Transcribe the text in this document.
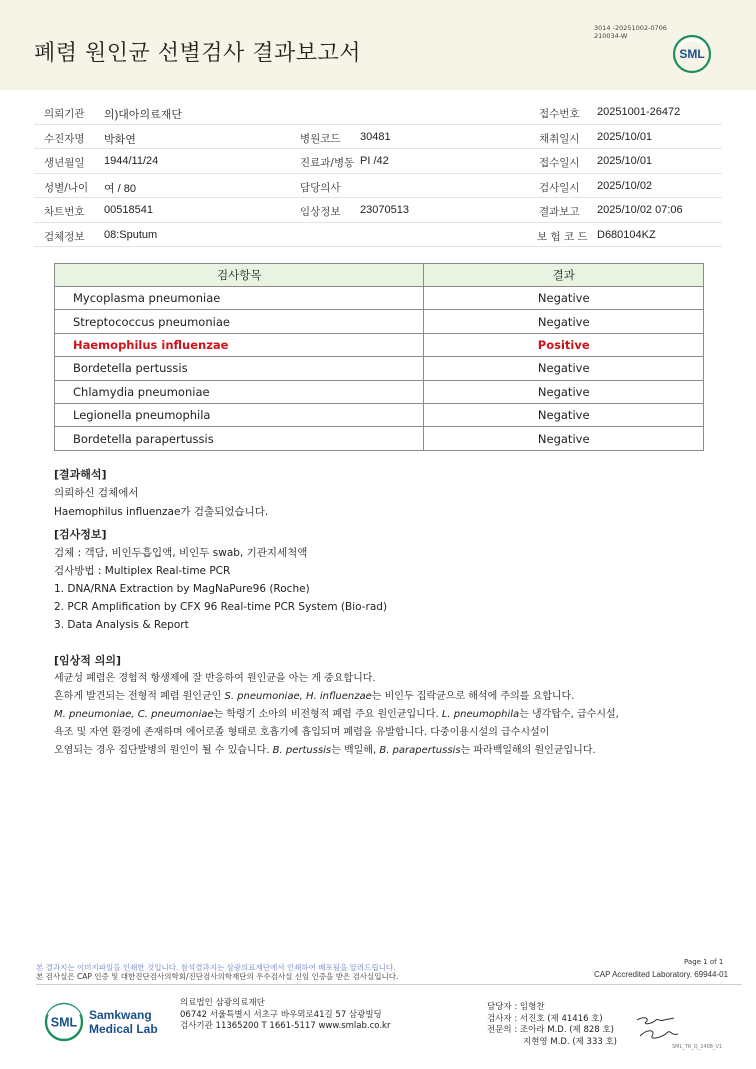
폐렴 원인균 선별검사 결과보고서
3014 -20251002-0706
210034-W
SML
의뢰기관 의)대아의료재단	접수번호 20251001-26472
수진자명 박화연	병원코드 30481	채취일시 2025/10/01
생년월일 1944/11/24	진료과/병동 PI /42	접수일시 2025/10/01
성별/나이 여 / 80	담당의사	검사일시 2025/10/02
차트번호 00518541	임상정보 23070513	결과보고 2025/10/02 07:06
검체정보 08:Sputum	보 험 코 드 D680104KZ
검사항목	결과
Mycoplasma pneumoniae	Negative
Streptococcus pneumoniae	Negative
Haemophilus influenzae	Positive
Bordetella pertussis	Negative
Chlamydia pneumoniae	Negative
Legionella pneumophila	Negative
Bordetella parapertussis	Negative
[결과해석]
의뢰하신 검체에서
Haemophilus influenzae가 검출되었습니다.
[검사정보]
검체 : 객담, 비인두흡입액, 비인두 swab, 기관지세척액
검사방법 : Multiplex Real-time PCR
1. DNA/RNA Extraction by MagNaPure96 (Roche)
2. PCR Amplification by CFX 96 Real-time PCR System (Bio-rad)
3. Data Analysis & Report
[임상적 의의]
세균성 폐렴은 경험적 항생제에 잘 반응하여 원인균을 아는 게 중요합니다.
흔하게 발견되는 전형적 폐렴 원인균인 S. pneumoniae, H. influenzae는 비인두 집락균으로 해석에 주의를 요합니다.
M. pneumoniae, C. pneumoniae는 학령기 소아의 비전형적 폐렴 주요 원인균입니다. L. pneumophila는 냉각탑수, 급수시설,
욕조 및 자연 환경에 존재하며 에어로졸 형태로 호흡기에 흡입되며 폐렴을 유발합니다. 다중이용시설의 급수시설이
오염되는 경우 집단발병의 원인이 될 수 있습니다. B. pertussis는 백일해, B. parapertussis는 파라백일해의 원인균입니다.
본 결과지는 이미지파일을 인쇄한 것입니다. 참석결과지는 삼광의료재단에서 인쇄하여 배포됨을 알려드립니다.
본 검사실은 CAP 인증 및 대한진단검사의학회/진단검사의학재단의 우수검사실 신임 인증을 받은 검사실입니다.
Page 1 of 1
CAP Accredited Laboratory. 69944-01
SML
Samkwang
Medical Lab
의료법인 삼광의료재단
06742 서울특별시 서초구 바우뫼로41길 57 삼광빌딩
검사기관 11365200 T 1661-5117 www.smlab.co.kr
담당자 : 임형찬
검사자 : 서진호 (제 41416 호)
전문의 : 조아라 M.D. (제 828 호)
지현영 M.D. (제 333 호)
SML_TR_Q_2408_V1
